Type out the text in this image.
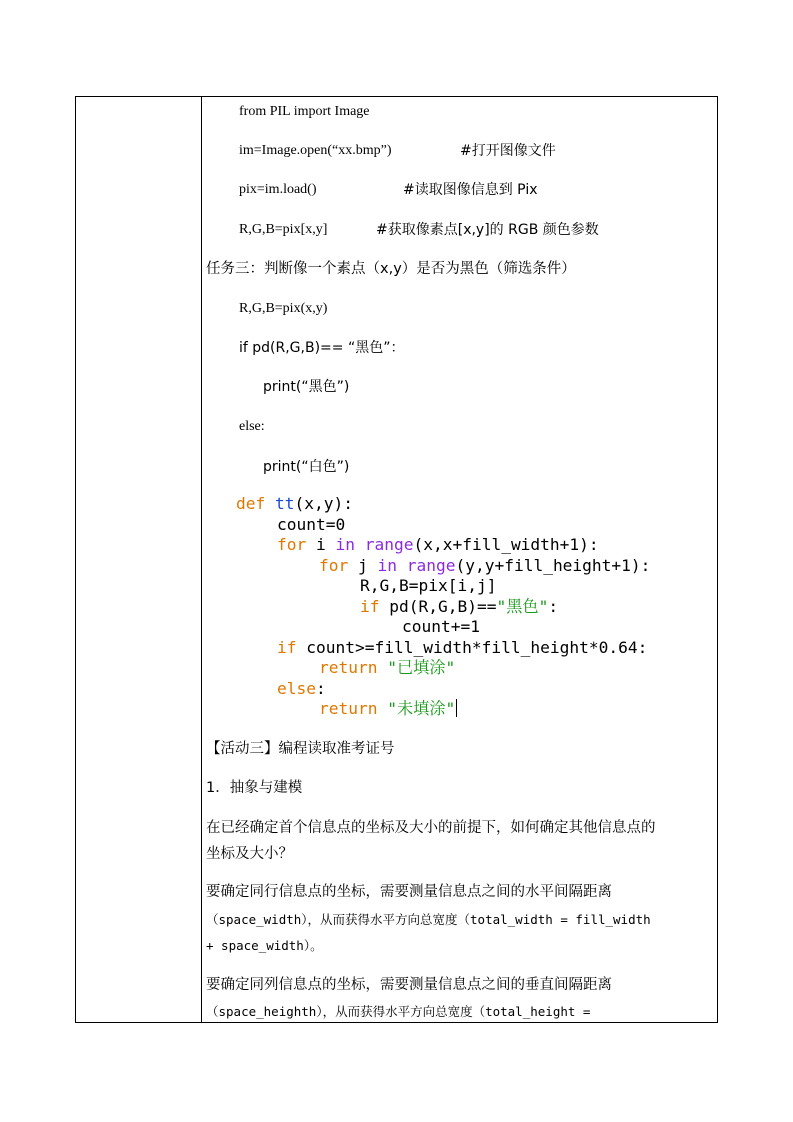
from PIL import Image
im=Image.open(“xx.bmp”)	#打开图像文件
pix=im.load()	#读取图像信息到 Pix
R,G,B=pix[x,y]	#获取像素点[x,y]的 RGB 颜色参数
任务三：判断像一个素点（x,y）是否为黑色（筛选条件）
R,G,B=pix(x,y)
if pd(R,G,B)== “黑色”：
print(“黑色”)
else:
print(“白色”)
def tt(x,y):
count=0
for i in range(x,x+fill_width+1):
for j in range(y,y+fill_height+1):
R,G,B=pix[i,j]
if pd(R,G,B)=="黑色":
count+=1
if count>=fill_width*fill_height*0.64:
return "已填涂"
else:
return "未填涂"
【活动三】编程读取准考证号
1．抽象与建模
在已经确定首个信息点的坐标及大小的前提下，如何确定其他信息点的
坐标及大小？
要确定同行信息点的坐标，需要测量信息点之间的水平间隔距离
（space_width），从而获得水平方向总宽度（total_width = fill_width
+ space_width）。
要确定同列信息点的坐标，需要测量信息点之间的垂直间隔距离
（space_heighth），从而获得水平方向总宽度（total_height =
